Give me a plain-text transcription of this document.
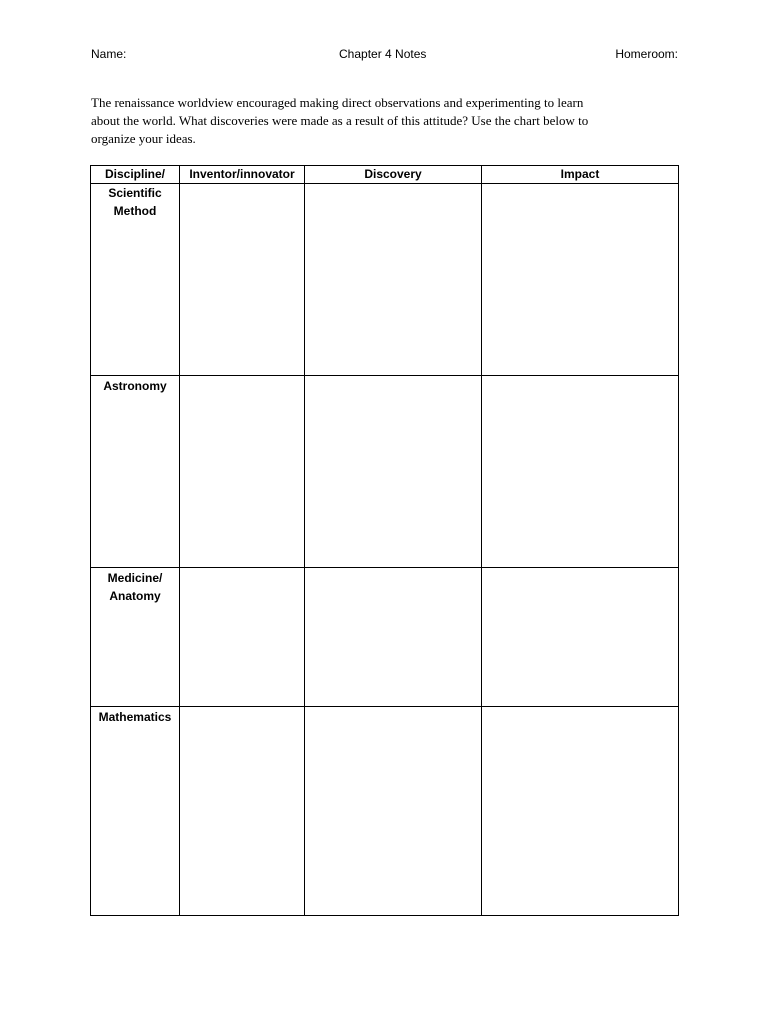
Name:	Chapter 4 Notes	Homeroom:
The renaissance worldview encouraged making direct observations and experimenting to learn
about the world. What discoveries were made as a result of this attitude? Use the chart below to
organize your ideas.
Discipline/	Inventor/innovator	Discovery	Impact

Scientific
Method			

Astronomy			

Medicine/
Anatomy			

Mathematics			
